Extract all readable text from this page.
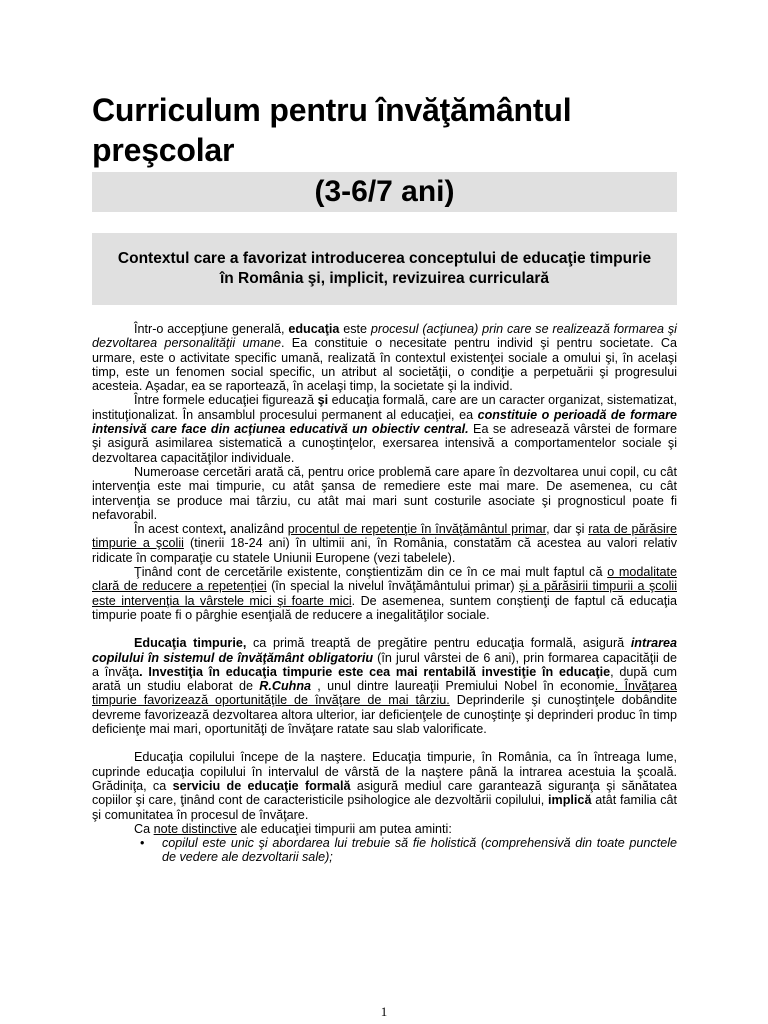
Curriculum pentru învăţământul preşcolar
(3-6/7 ani)
Contextul care a favorizat introducerea conceptului de educaţie timpurie în România şi, implicit, revizuirea curriculară

Într-o accepţiune generală, educaţia este procesul (acţiunea) prin care se realizează formarea şi dezvoltarea personalităţii umane. Ea constituie o necesitate pentru individ şi pentru societate. Ca urmare, este o activitate specific umană, realizată în contextul existenţei sociale a omului şi, în acelaşi timp, este un fenomen social specific, un atribut al societăţii, o condiţie a perpetuării şi progresului acesteia. Aşadar, ea se raportează, în acelaşi timp, la societate şi la individ.

Între formele educaţiei figurează şi educaţia formală, care are un caracter organizat, sistematizat, instituţionalizat. În ansamblul procesului permanent al educaţiei, ea constituie o perioadă de formare intensivă care face din acţiunea educativă un obiectiv central. Ea se adresează vârstei de formare şi asigură asimilarea sistematică a cunoştinţelor, exersarea intensivă a comportamentelor sociale şi dezvoltarea capacităţilor individuale.

Numeroase cercetări arată că, pentru orice problemă care apare în dezvoltarea unui copil, cu cât intervenţia este mai timpurie, cu atât şansa de remediere este mai mare. De asemenea, cu cât intervenţia se produce mai târziu, cu atât mai mari sunt costurile asociate şi prognosticul poate fi nefavorabil.

În acest context, analizând procentul de repetenţie în învăţământul primar, dar şi rata de părăsire timpurie a şcolii (tinerii 18-24 ani) în ultimii ani, în România, constatăm că acestea au valori relativ ridicate în comparaţie cu statele Uniunii Europene (vezi tabelele).

Ţinând cont de cercetările existente, conştientizăm din ce în ce mai mult faptul că o modalitate clară de reducere a repetenţiei (în special la nivelul învăţământului primar) şi a părăsirii timpurii a şcolii este intervenţia la vârstele mici şi foarte mici. De asemenea, suntem conştienţi de faptul că educaţia timpurie poate fi o pârghie esenţială de reducere a inegalităţilor sociale.

Educaţia timpurie, ca primă treaptă de pregătire pentru educaţia formală, asigură intrarea copilului în sistemul de învăţământ obligatoriu (în jurul vârstei de 6 ani), prin formarea capacităţii de a învăţa. Investiţia în educaţia timpurie este cea mai rentabilă investiţie în educaţie, după cum arată un studiu elaborat de R.Cuhna , unul dintre laureaţii Premiului Nobel în economie. Învăţarea timpurie favorizează oportunităţile de învăţare de mai târziu. Deprinderile şi cunoştinţele dobândite devreme favorizează dezvoltarea altora ulterior, iar deficienţele de cunoştinţe şi deprinderi produc în timp deficienţe mai mari, oportunităţi de învăţare ratate sau slab valorificate.

Educaţia copilului începe de la naştere. Educaţia timpurie, în România, ca în întreaga lume, cuprinde educaţia copilului în intervalul de vârstă de la naştere până la intrarea acestuia la şcoală. Grădiniţa, ca serviciu de educaţie formală asigură mediul care garantează siguranţa şi sănătatea copiilor şi care, ţinând cont de caracteristicile psihologice ale dezvoltării copilului, implică atât familia cât şi comunitatea în procesul de învăţare.

Ca note distinctive ale educaţiei timpurii am putea aminti:

• copilul este unic şi abordarea lui trebuie să fie holistică (comprehensivă din toate punctele de vedere ale dezvoltarii sale);
1
